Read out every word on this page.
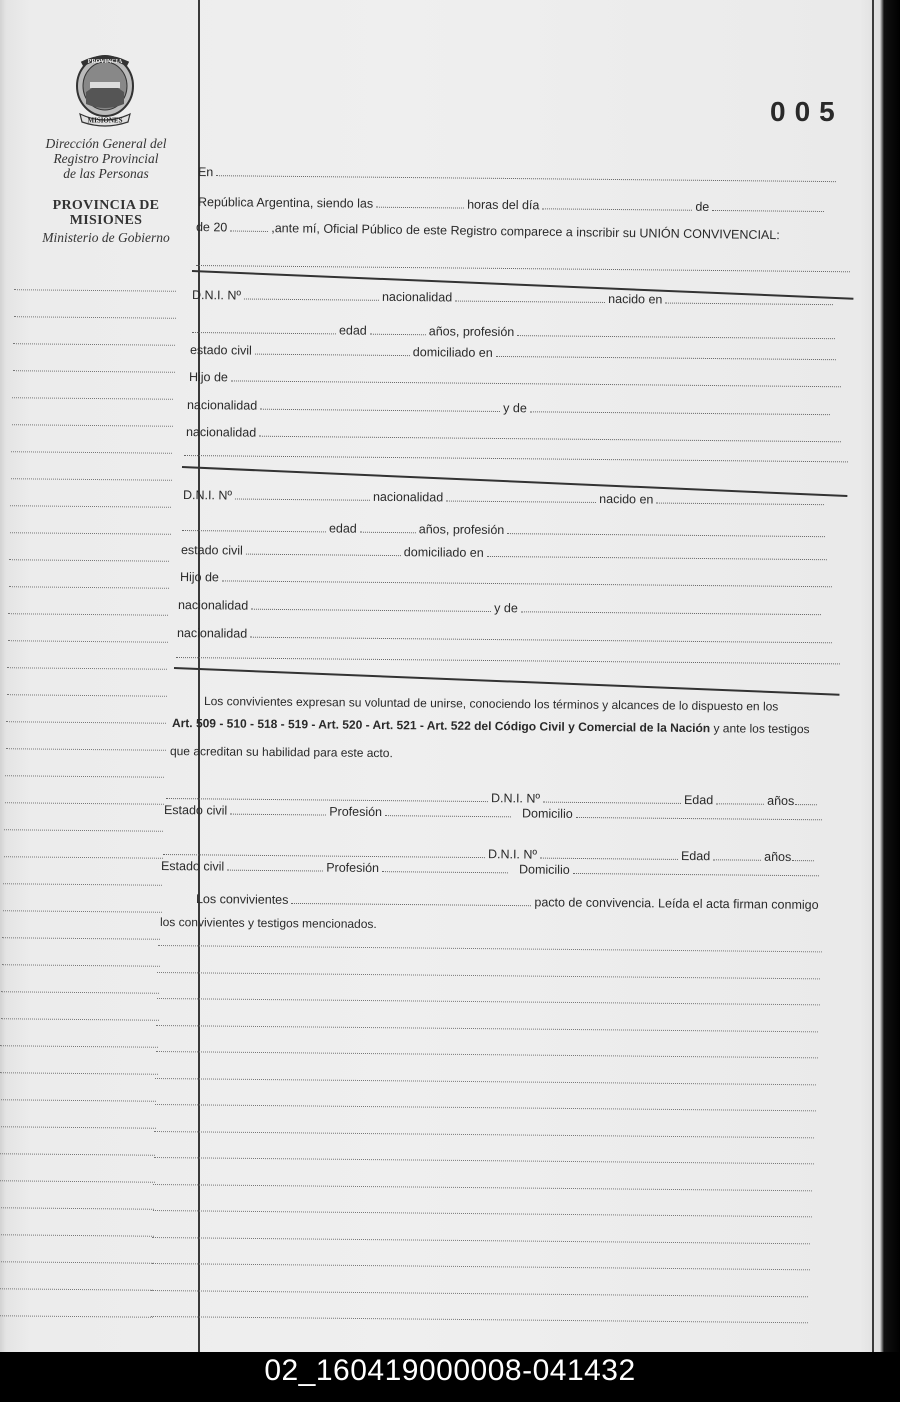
PROVINCIA
MISIONES
Dirección General del
Registro Provincial
de las Personas
PROVINCIA DE
MISIONES
Ministerio de Gobierno
005
En
República Argentina, siendo las	horas del día	de
de 20	,ante mí, Oficial Público de este Registro comparece a inscribir su UNIÓN CONVIVENCIAL:
D.N.I. Nº	nacionalidad	nacido en
edad	años, profesión
estado civil	domiciliado en
Hijo de
nacionalidad	y de
nacionalidad
D.N.I. Nº	nacionalidad	nacido en
edad	años, profesión
estado civil	domiciliado en
Hijo de
nacionalidad	y de
nacionalidad
Los convivientes expresan su voluntad de unirse, conociendo los términos y alcances de lo dispuesto en los
Art. 509 - 510 - 518 - 519 - Art. 520 - Art. 521 - Art. 522 del Código Civil y Comercial de la Nación y ante los testigos
que acreditan su habilidad para este acto.
D.N.I. Nº	Edad	años
Estado civil	Profesión	Domicilio
D.N.I. Nº	Edad	años
Estado civil	Profesión	Domicilio
Los convivientes	pacto de convivencia. Leída el acta firman conmigo
los convivientes y testigos mencionados.
02_160419000008-041432
